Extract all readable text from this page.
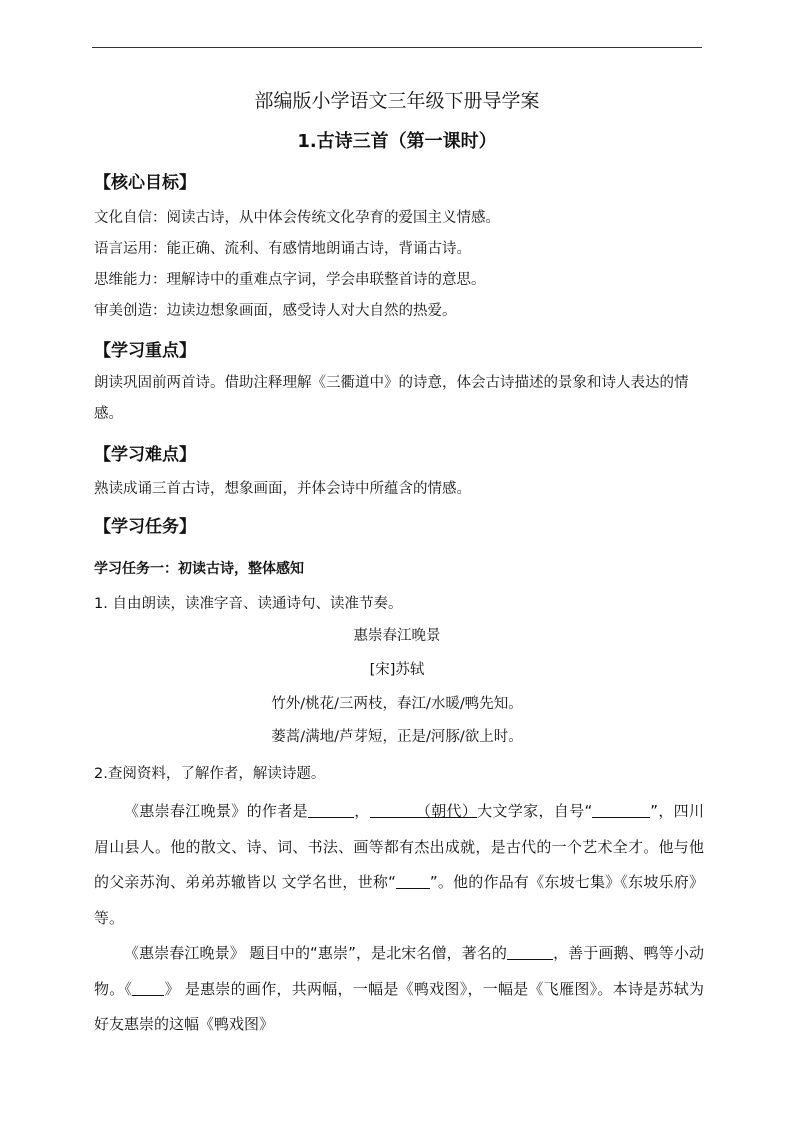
部编版小学语文三年级下册导学案
1.古诗三首（第一课时）
【核心目标】
文化自信：阅读古诗，从中体会传统文化孕育的爱国主义情感。
语言运用：能正确、流利、有感情地朗诵古诗，背诵古诗。
思维能力：理解诗中的重难点字词，学会串联整首诗的意思。
审美创造：边读边想象画面，感受诗人对大自然的热爱。
【学习重点】
朗读巩固前两首诗。借助注释理解《三衢道中》的诗意，体会古诗描述的景象和诗人表达的情感。
【学习难点】
熟读成诵三首古诗，想象画面，并体会诗中所蕴含的情感。
【学习任务】
学习任务一：初读古诗，整体感知
1. 自由朗读，读准字音、读通诗句、读准节奏。
惠崇春江晚景
[宋]苏轼
竹外/桃花/三两枝，春江/水暖/鸭先知。
蒌蒿/满地/芦芽短，正是/河豚/欲上时。
2.查阅资料，了解作者，解读诗题。
《惠崇春江晚景》的作者是	，	（朝代）大文学家，自号“	”，四川眉山县人。他的散文、诗、词、书法、画等都有杰出成就，是古代的一个艺术全才。他与他的父亲苏洵、弟弟苏辙皆以 文学名世，世称“ ”。他的作品有《东坡七集》《东坡乐府》等。
《惠崇春江晚景》 题目中的“惠崇”，是北宋名僧，著名的	，善于画鹅、鸭等小动物。《 》 是惠崇的画作，共两幅，一幅是《鸭戏图》，一幅是《飞雁图》。本诗是苏轼为好友惠崇的这幅《鸭戏图》
